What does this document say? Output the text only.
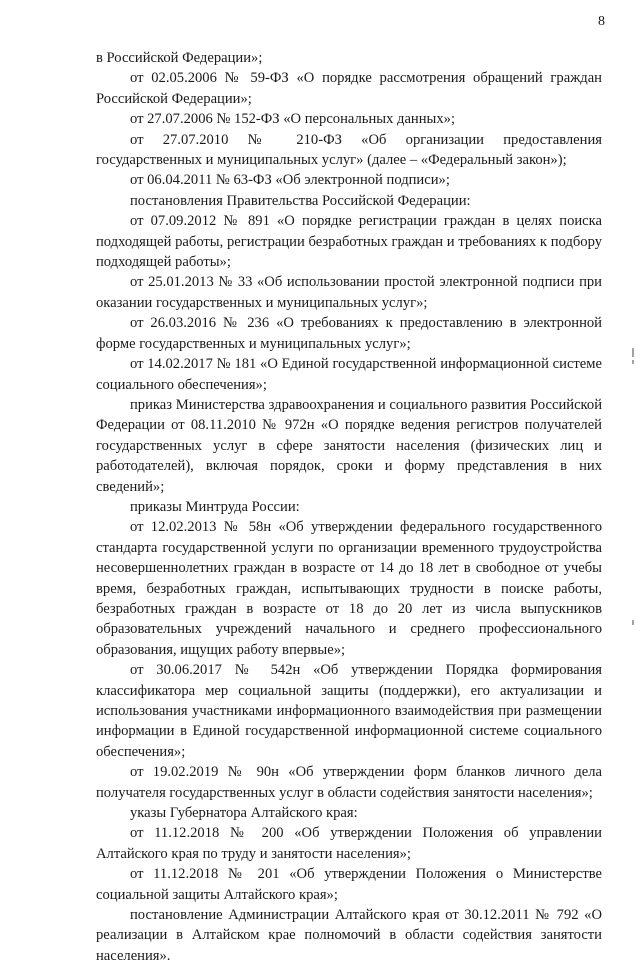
8

в Российской Федерации»;

от 02.05.2006 № 59-ФЗ «О порядке рассмотрения обращений граждан Российской Федерации»;

от 27.07.2006 № 152-ФЗ «О персональных данных»;

от 27.07.2010 № 210-ФЗ «Об организации предоставления государственных и муниципальных услуг» (далее – «Федеральный закон»);

от 06.04.2011 № 63-ФЗ «Об электронной подписи»;

постановления Правительства Российской Федерации:

от 07.09.2012 № 891 «О порядке регистрации граждан в целях поиска подходящей работы, регистрации безработных граждан и требованиях к подбору подходящей работы»;

от 25.01.2013 № 33 «Об использовании простой электронной подписи при оказании государственных и муниципальных услуг»;

от 26.03.2016 № 236 «О требованиях к предоставлению в электронной форме государственных и муниципальных услуг»;

от 14.02.2017 № 181 «О Единой государственной информационной системе социального обеспечения»;

приказ Министерства здравоохранения и социального развития Российской Федерации от 08.11.2010 № 972н «О порядке ведения регистров получателей государственных услуг в сфере занятости населения (физических лиц и работодателей), включая порядок, сроки и форму представления в них сведений»;

приказы Минтруда России:

от 12.02.2013 № 58н «Об утверждении федерального государственного стандарта государственной услуги по организации временного трудоустройства несовершеннолетних граждан в возрасте от 14 до 18 лет в свободное от учебы время, безработных граждан, испытывающих трудности в поиске работы, безработных граждан в возрасте от 18 до 20 лет из числа выпускников образовательных учреждений начального и среднего профессионального образования, ищущих работу впервые»;

от 30.06.2017 № 542н «Об утверждении Порядка формирования классификатора мер социальной защиты (поддержки), его актуализации и использования участниками информационного взаимодействия при размещении информации в Единой государственной информационной системе социального обеспечения»;

от 19.02.2019 № 90н «Об утверждении форм бланков личного дела получателя государственных услуг в области содействия занятости населения»;

указы Губернатора Алтайского края:

от 11.12.2018 № 200 «Об утверждении Положения об управлении Алтайского края по труду и занятости населения»;

от 11.12.2018 № 201 «Об утверждении Положения о Министерстве социальной защиты Алтайского края»;

постановление Администрации Алтайского края от 30.12.2011 № 792 «О реализации в Алтайском крае полномочий в области содействия занятости населения».
